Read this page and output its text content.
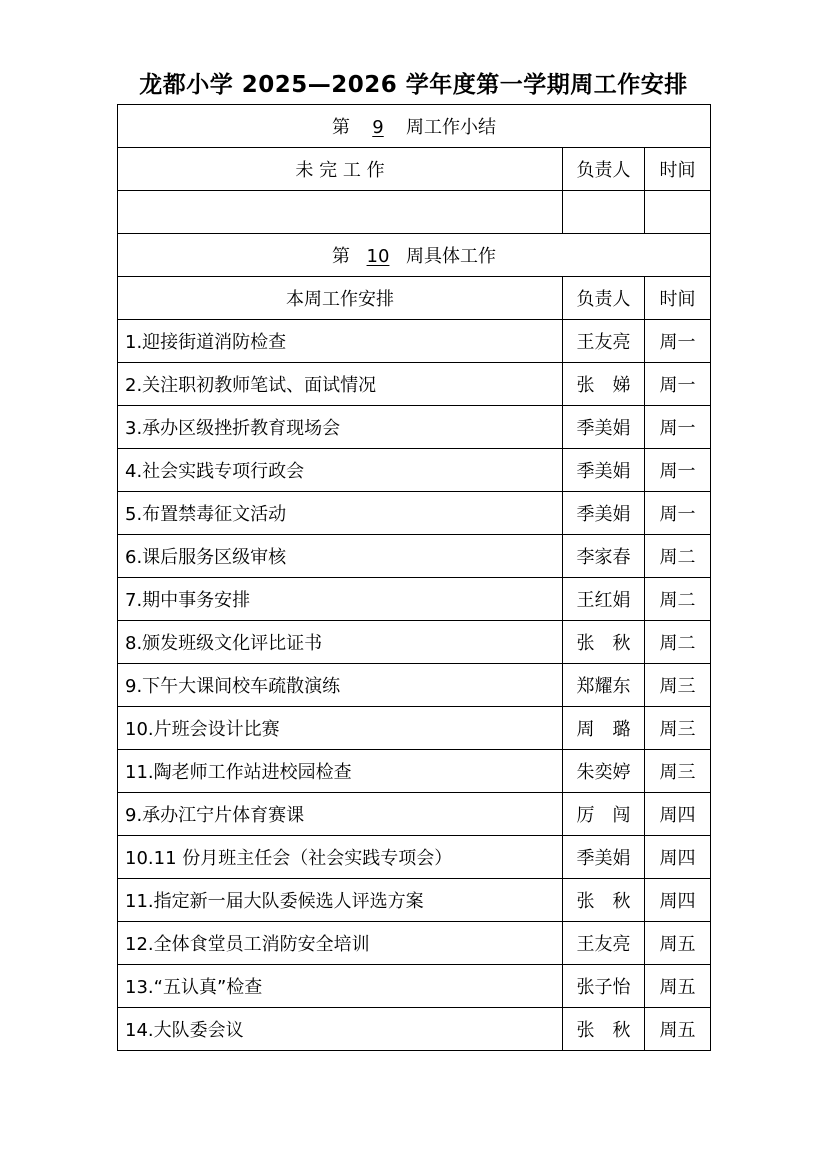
龙都小学 2025—2026 学年度第一学期周工作安排
第 9 周工作小结		
未 完 工 作	负责人	时间

第 10 周具体工作		
本周工作安排	负责人	时间
1.迎接街道消防检查	王友亮	周一
2.关注职初教师笔试、面试情况	张　娣	周一
3.承办区级挫折教育现场会	季美娟	周一
4.社会实践专项行政会	季美娟	周一
5.布置禁毒征文活动	季美娟	周一
6.课后服务区级审核	李家春	周二
7.期中事务安排	王红娟	周二
8.颁发班级文化评比证书	张　秋	周二
9.下午大课间校车疏散演练	郑耀东	周三
10.片班会设计比赛	周　璐	周三
11.陶老师工作站进校园检查	朱奕婷	周三
9.承办江宁片体育赛课	厉　闯	周四
10.11 份月班主任会（社会实践专项会）	季美娟	周四
11.指定新一届大队委候选人评选方案	张　秋	周四
12.全体食堂员工消防安全培训	王友亮	周五
13.“五认真”检查	张子怡	周五
14.大队委会议	张　秋	周五
